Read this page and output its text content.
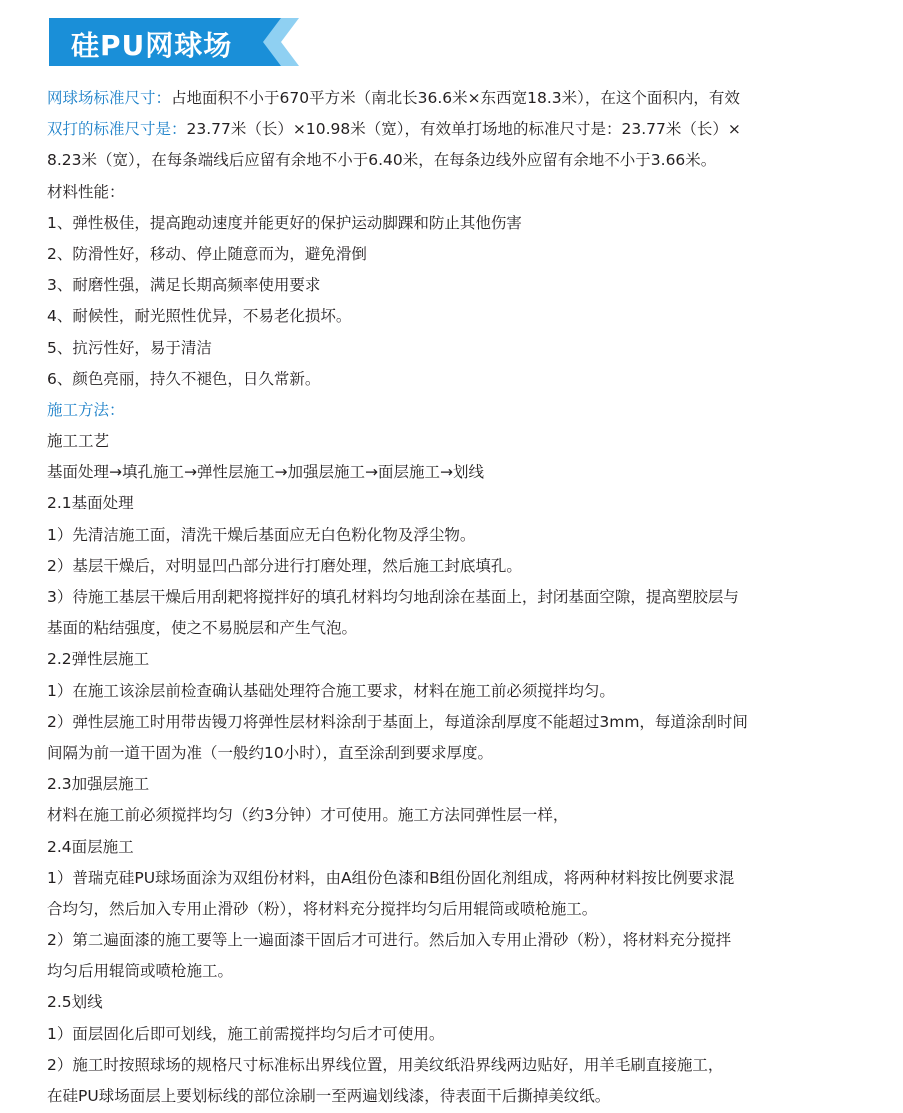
硅PU网球场
网球场标准尺寸：占地面积不小于670平方米（南北长36.6米×东西宽18.3米），在这个面积内，有效
双打的标准尺寸是：23.77米（长）×10.98米（宽），有效单打场地的标准尺寸是：23.77米（长）×
8.23米（宽），在每条端线后应留有余地不小于6.40米，在每条边线外应留有余地不小于3.66米。
材料性能：
1、弹性极佳，提高跑动速度并能更好的保护运动脚踝和防止其他伤害
2、防滑性好，移动、停止随意而为，避免滑倒
3、耐磨性强，满足长期高频率使用要求
4、耐候性，耐光照性优异，不易老化损坏。
5、抗污性好，易于清洁
6、颜色亮丽，持久不褪色，日久常新。
施工方法：
施工工艺
基面处理→填孔施工→弹性层施工→加强层施工→面层施工→划线
2.1基面处理
1）先清洁施工面，清洗干燥后基面应无白色粉化物及浮尘物。
2）基层干燥后，对明显凹凸部分进行打磨处理，然后施工封底填孔。
3）待施工基层干燥后用刮耙将搅拌好的填孔材料均匀地刮涂在基面上，封闭基面空隙，提高塑胶层与
基面的粘结强度，使之不易脱层和产生气泡。
2.2弹性层施工
1）在施工该涂层前检查确认基础处理符合施工要求，材料在施工前必须搅拌均匀。
2）弹性层施工时用带齿镘刀将弹性层材料涂刮于基面上，每道涂刮厚度不能超过3mm，每道涂刮时间
间隔为前一道干固为准（一般约10小时），直至涂刮到要求厚度。
2.3加强层施工
材料在施工前必须搅拌均匀（约3分钟）才可使用。施工方法同弹性层一样，
2.4面层施工
1）普瑞克硅PU球场面涂为双组份材料，由A组份色漆和B组份固化剂组成，将两种材料按比例要求混
合均匀，然后加入专用止滑砂（粉），将材料充分搅拌均匀后用辊筒或喷枪施工。
2）第二遍面漆的施工要等上一遍面漆干固后才可进行。然后加入专用止滑砂（粉），将材料充分搅拌
均匀后用辊筒或喷枪施工。
2.5划线
1）面层固化后即可划线，施工前需搅拌均匀后才可使用。
2）施工时按照球场的规格尺寸标准标出界线位置，用美纹纸沿界线两边贴好，用羊毛刷直接施工，
在硅PU球场面层上要划标线的部位涂刷一至两遍划线漆，待表面干后撕掉美纹纸。
